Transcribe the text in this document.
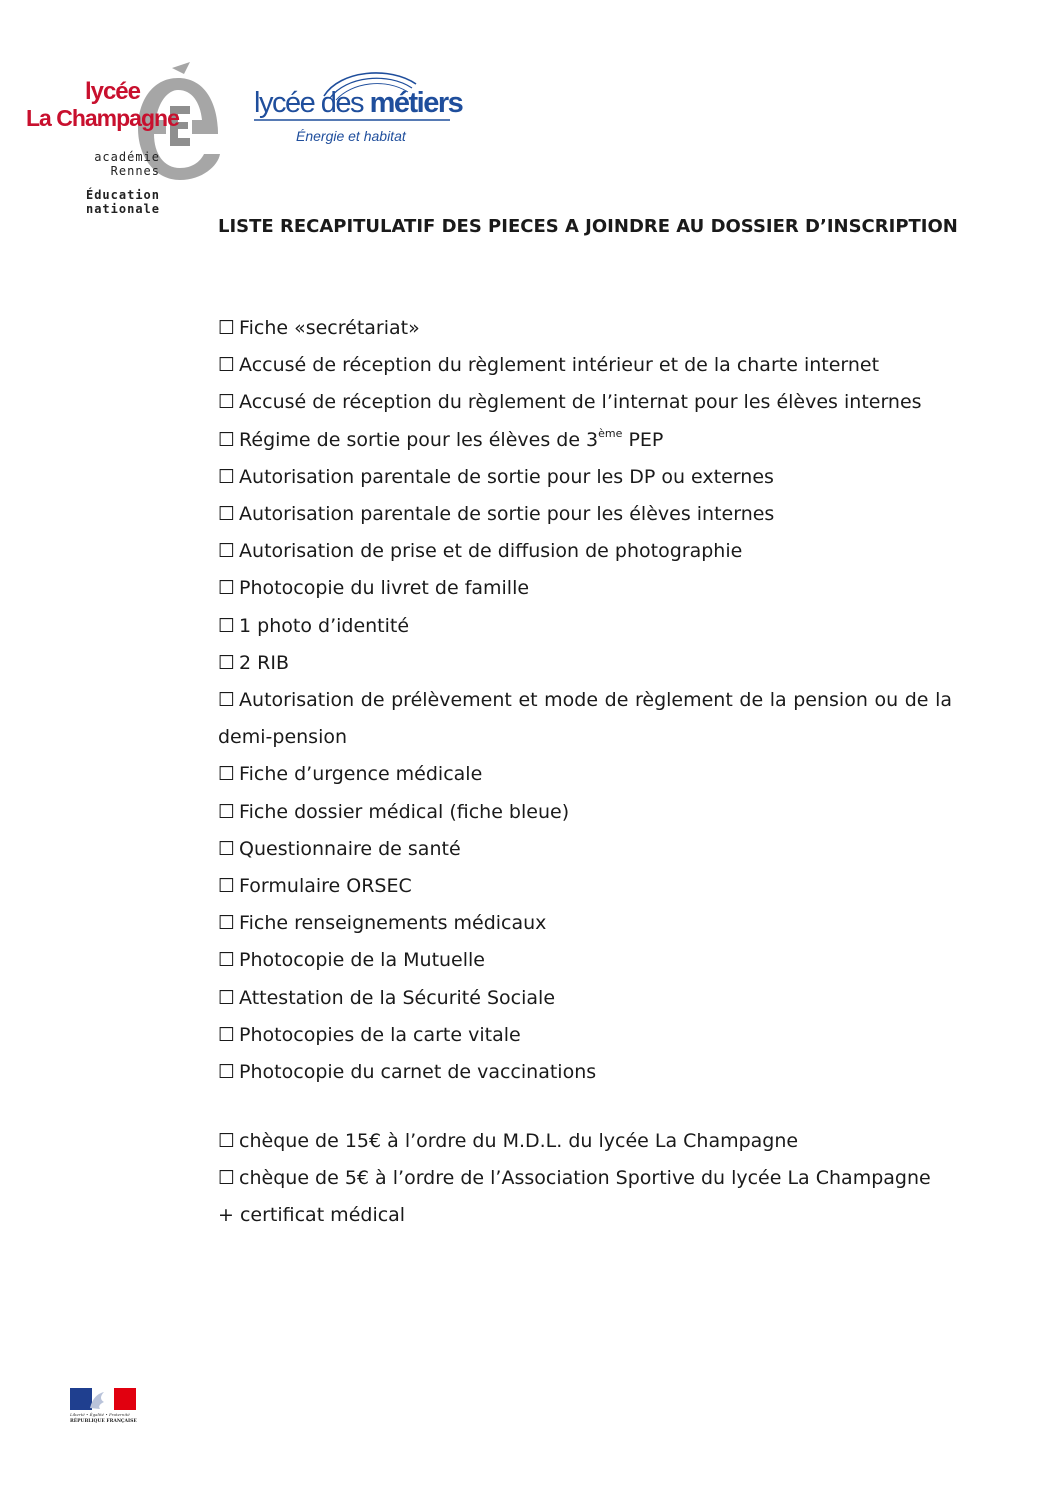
lycée
La Champagne
académie
Rennes
Éducation
nationale
lycée des métiers
Énergie et habitat
LISTE RECAPITULATIF DES PIECES A JOINDRE AU DOSSIER D’INSCRIPTION
☐ Fiche «secrétariat»
☐ Accusé de réception du règlement intérieur et de la charte internet
☐ Accusé de réception du règlement de l’internat pour les élèves internes
☐ Régime de sortie pour les élèves de 3ème PEP
☐ Autorisation parentale de sortie pour les DP ou externes
☐ Autorisation parentale de sortie pour les élèves internes
☐ Autorisation de prise et de diffusion de photographie
☐ Photocopie du livret de famille
☐ 1 photo d’identité
☐ 2 RIB
☐ Autorisation de prélèvement et mode de règlement de la pension ou de la demi-pension
☐ Fiche d’urgence médicale
☐ Fiche dossier médical (fiche bleue)
☐ Questionnaire de santé
☐ Formulaire ORSEC
☐ Fiche renseignements médicaux
☐ Photocopie de la Mutuelle
☐ Attestation de la Sécurité Sociale
☐ Photocopies de la carte vitale
☐ Photocopie du carnet de vaccinations
☐ chèque de 15€ à l’ordre du M.D.L. du lycée La Champagne
☐ chèque de 5€ à l’ordre de l’Association Sportive du lycée La Champagne
+ certificat médical
Liberté • Égalité • Fraternité
RÉPUBLIQUE FRANÇAISE
